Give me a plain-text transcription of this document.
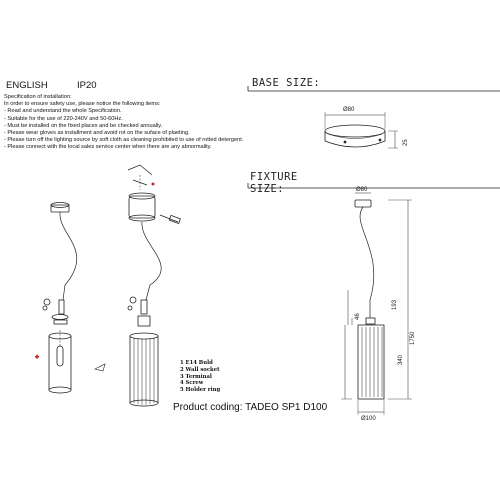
ENGLISH	IP20
Specification of installation:
In order to ensure safety use, please notice the following items:
- Read and understand the whole Specification.
- Suitable for the use of 220-240V and 50-60Hz.
- Must be installed on the fixed places and be checked annually.
- Please wear gloves as installment and avoid rot on the suface of plaeting.
- Please turn off the lighting source by soft cloth as cleaning prohibited to use of rotted detergent.
- Please connect with the local sales service center when there are any abnormality.
BASE SIZE:
FIXTURE
SIZE:
Ø80
25
Ø80
193
340
46
1750
Ø100
1 E14 Buld
2 Wall socket
3 Terminal
4 Screw
5 Holder ring
Product coding: TADEO SP1 D100
